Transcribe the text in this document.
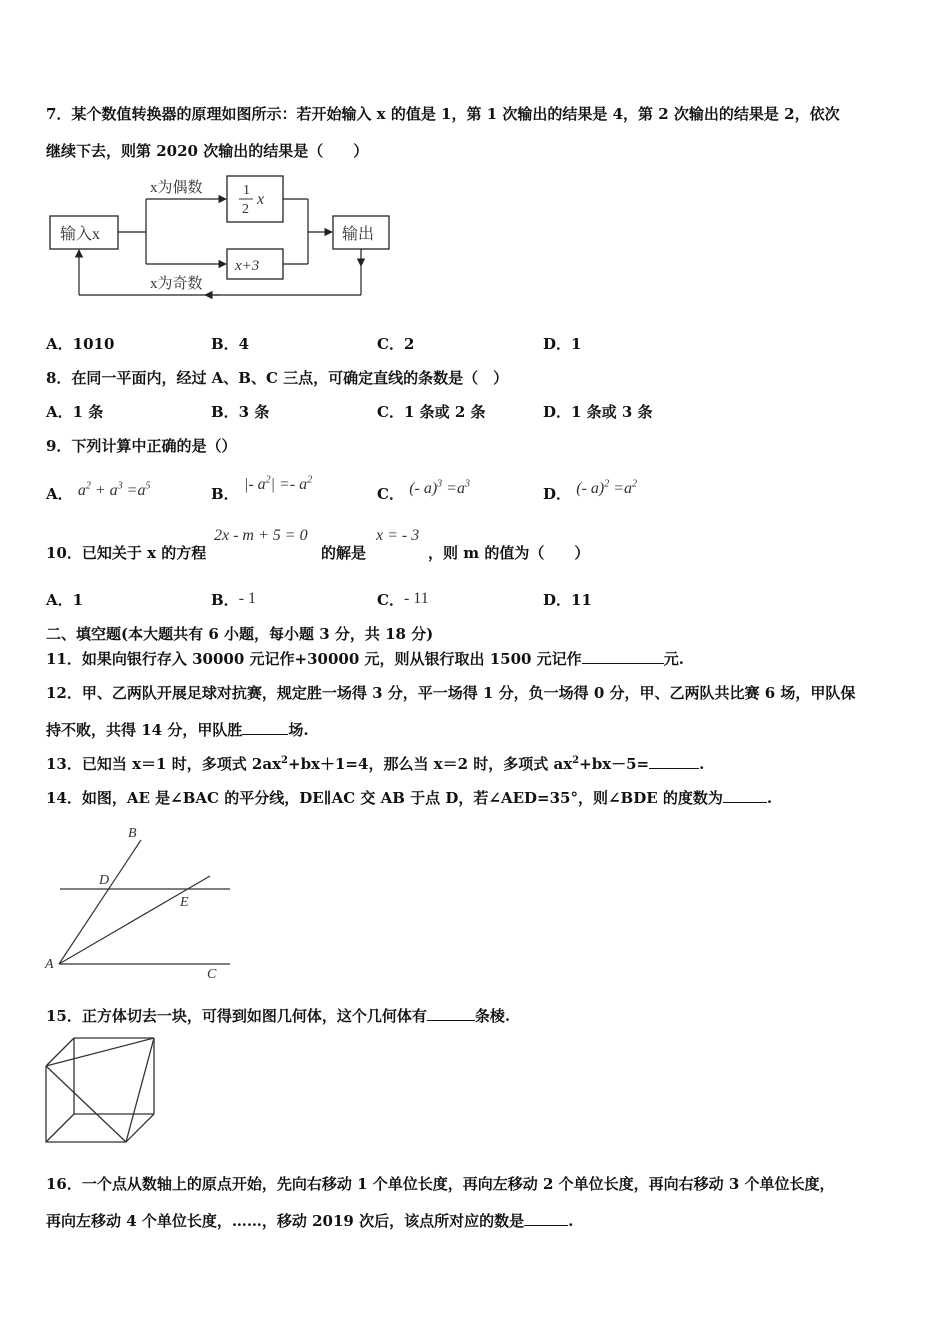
7．某个数值转换器的原理如图所示：若开始输入 x 的值是 1，第 1 次输出的结果是 4，第 2 次输出的结果是 2，依次
继续下去，则第 2020 次输出的结果是（　　）
输入x
1
2
x
x+3
输出
x为偶数
x为奇数
A．1010	B．4	C．2	D．1
8．在同一平面内，经过 A、B、C 三点，可确定直线的条数是（　）
A．1 条	B．3 条	C．1 条或 2 条	D．1 条或 3 条
9．下列计算中正确的是（）
A． $a^2 + a^3 =a^5$	B． |- $a^2| =- a^2$
C． (- $a)^3 =a^3$
D． (- $a)^2 =a^2$
10．已知关于 x 的方程
2x - m + 5 = 0
的解是
x = - 3
，则 m 的值为（　　）
A．1	B．- 1	C．- 11	D．11
二、填空题(本大题共有 6 小题，每小题 3 分，共 18 分)
11．如果向银行存入 30000 元记作+30000 元，则从银行取出 1500 元记作	元.
12．甲、乙两队开展足球对抗赛，规定胜一场得 3 分，平一场得 1 分，负一场得 0 分，甲、乙两队共比赛 6 场，甲队保
持不败，共得 14 分，甲队胜	场.
13．已知当 x＝1 时，多项式 $2ax^2+bx+1=4$，那么当 x＝2 时，多项式 $ax^2+bx-5=$	.
14．如图，AE 是∠BAC 的平分线，DE∥AC 交 AB 于点 D，若∠AED=35°，则∠BDE 的度数为	.
A
B
C
D
E
15．正方体切去一块，可得到如图几何体，这个几何体有	条棱.
16．一个点从数轴上的原点开始，先向右移动 1 个单位长度，再向左移动 2 个单位长度，再向右移动 3 个单位长度，
再向左移动 4 个单位长度，……，移动 2019 次后，该点所对应的数是	.
